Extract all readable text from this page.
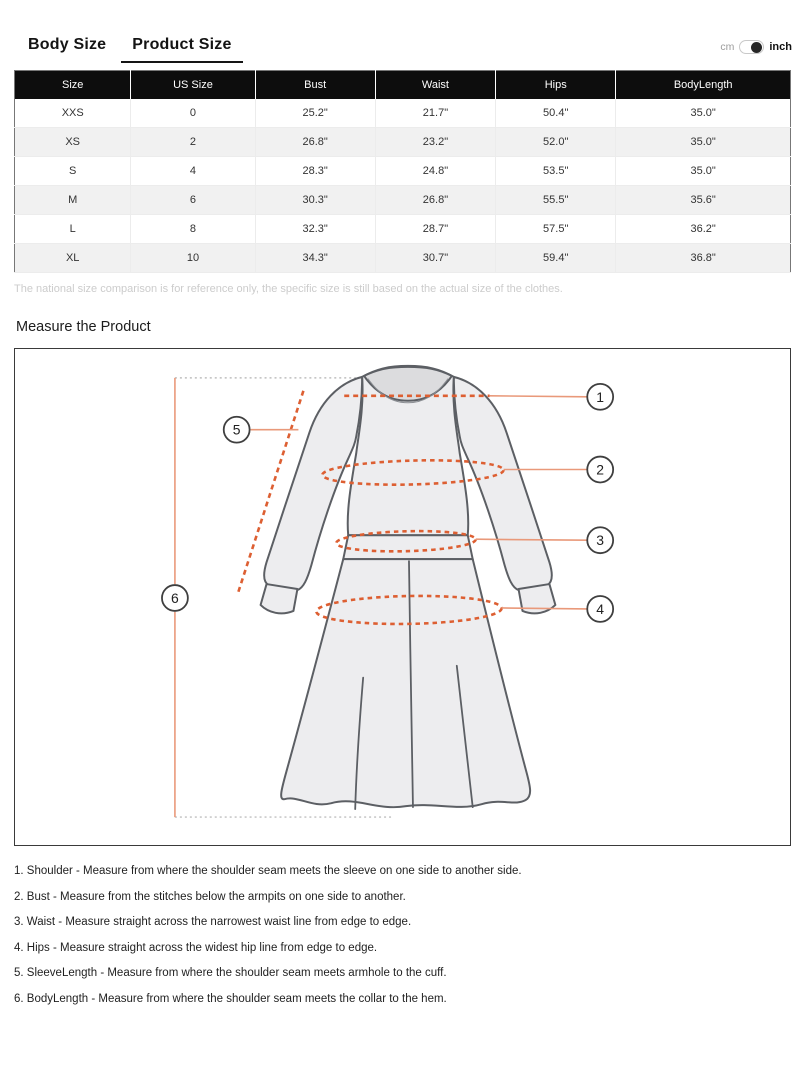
Body Size	Product Size	cm	inch
Size	US Size	Bust	Waist	Hips	BodyLength
XXS	0	25.2"	21.7"	50.4"	35.0"
XS	2	26.8"	23.2"	52.0"	35.0"
S	4	28.3"	24.8"	53.5"	35.0"
M	6	30.3"	26.8"	55.5"	35.6"
L	8	32.3"	28.7"	57.5"	36.2"
XL	10	34.3"	30.7"	59.4"	36.8"
The national size comparison is for reference only, the specific size is still based on the actual size of the clothes.
Measure the Product
1
2
3
4
5
6
1. Shoulder - Measure from where the shoulder seam meets the sleeve on one side to another side.
2. Bust - Measure from the stitches below the armpits on one side to another.
3. Waist - Measure straight across the narrowest waist line from edge to edge.
4. Hips - Measure straight across the widest hip line from edge to edge.
5. SleeveLength - Measure from where the shoulder seam meets armhole to the cuff.
6. BodyLength - Measure from where the shoulder seam meets the collar to the hem.
